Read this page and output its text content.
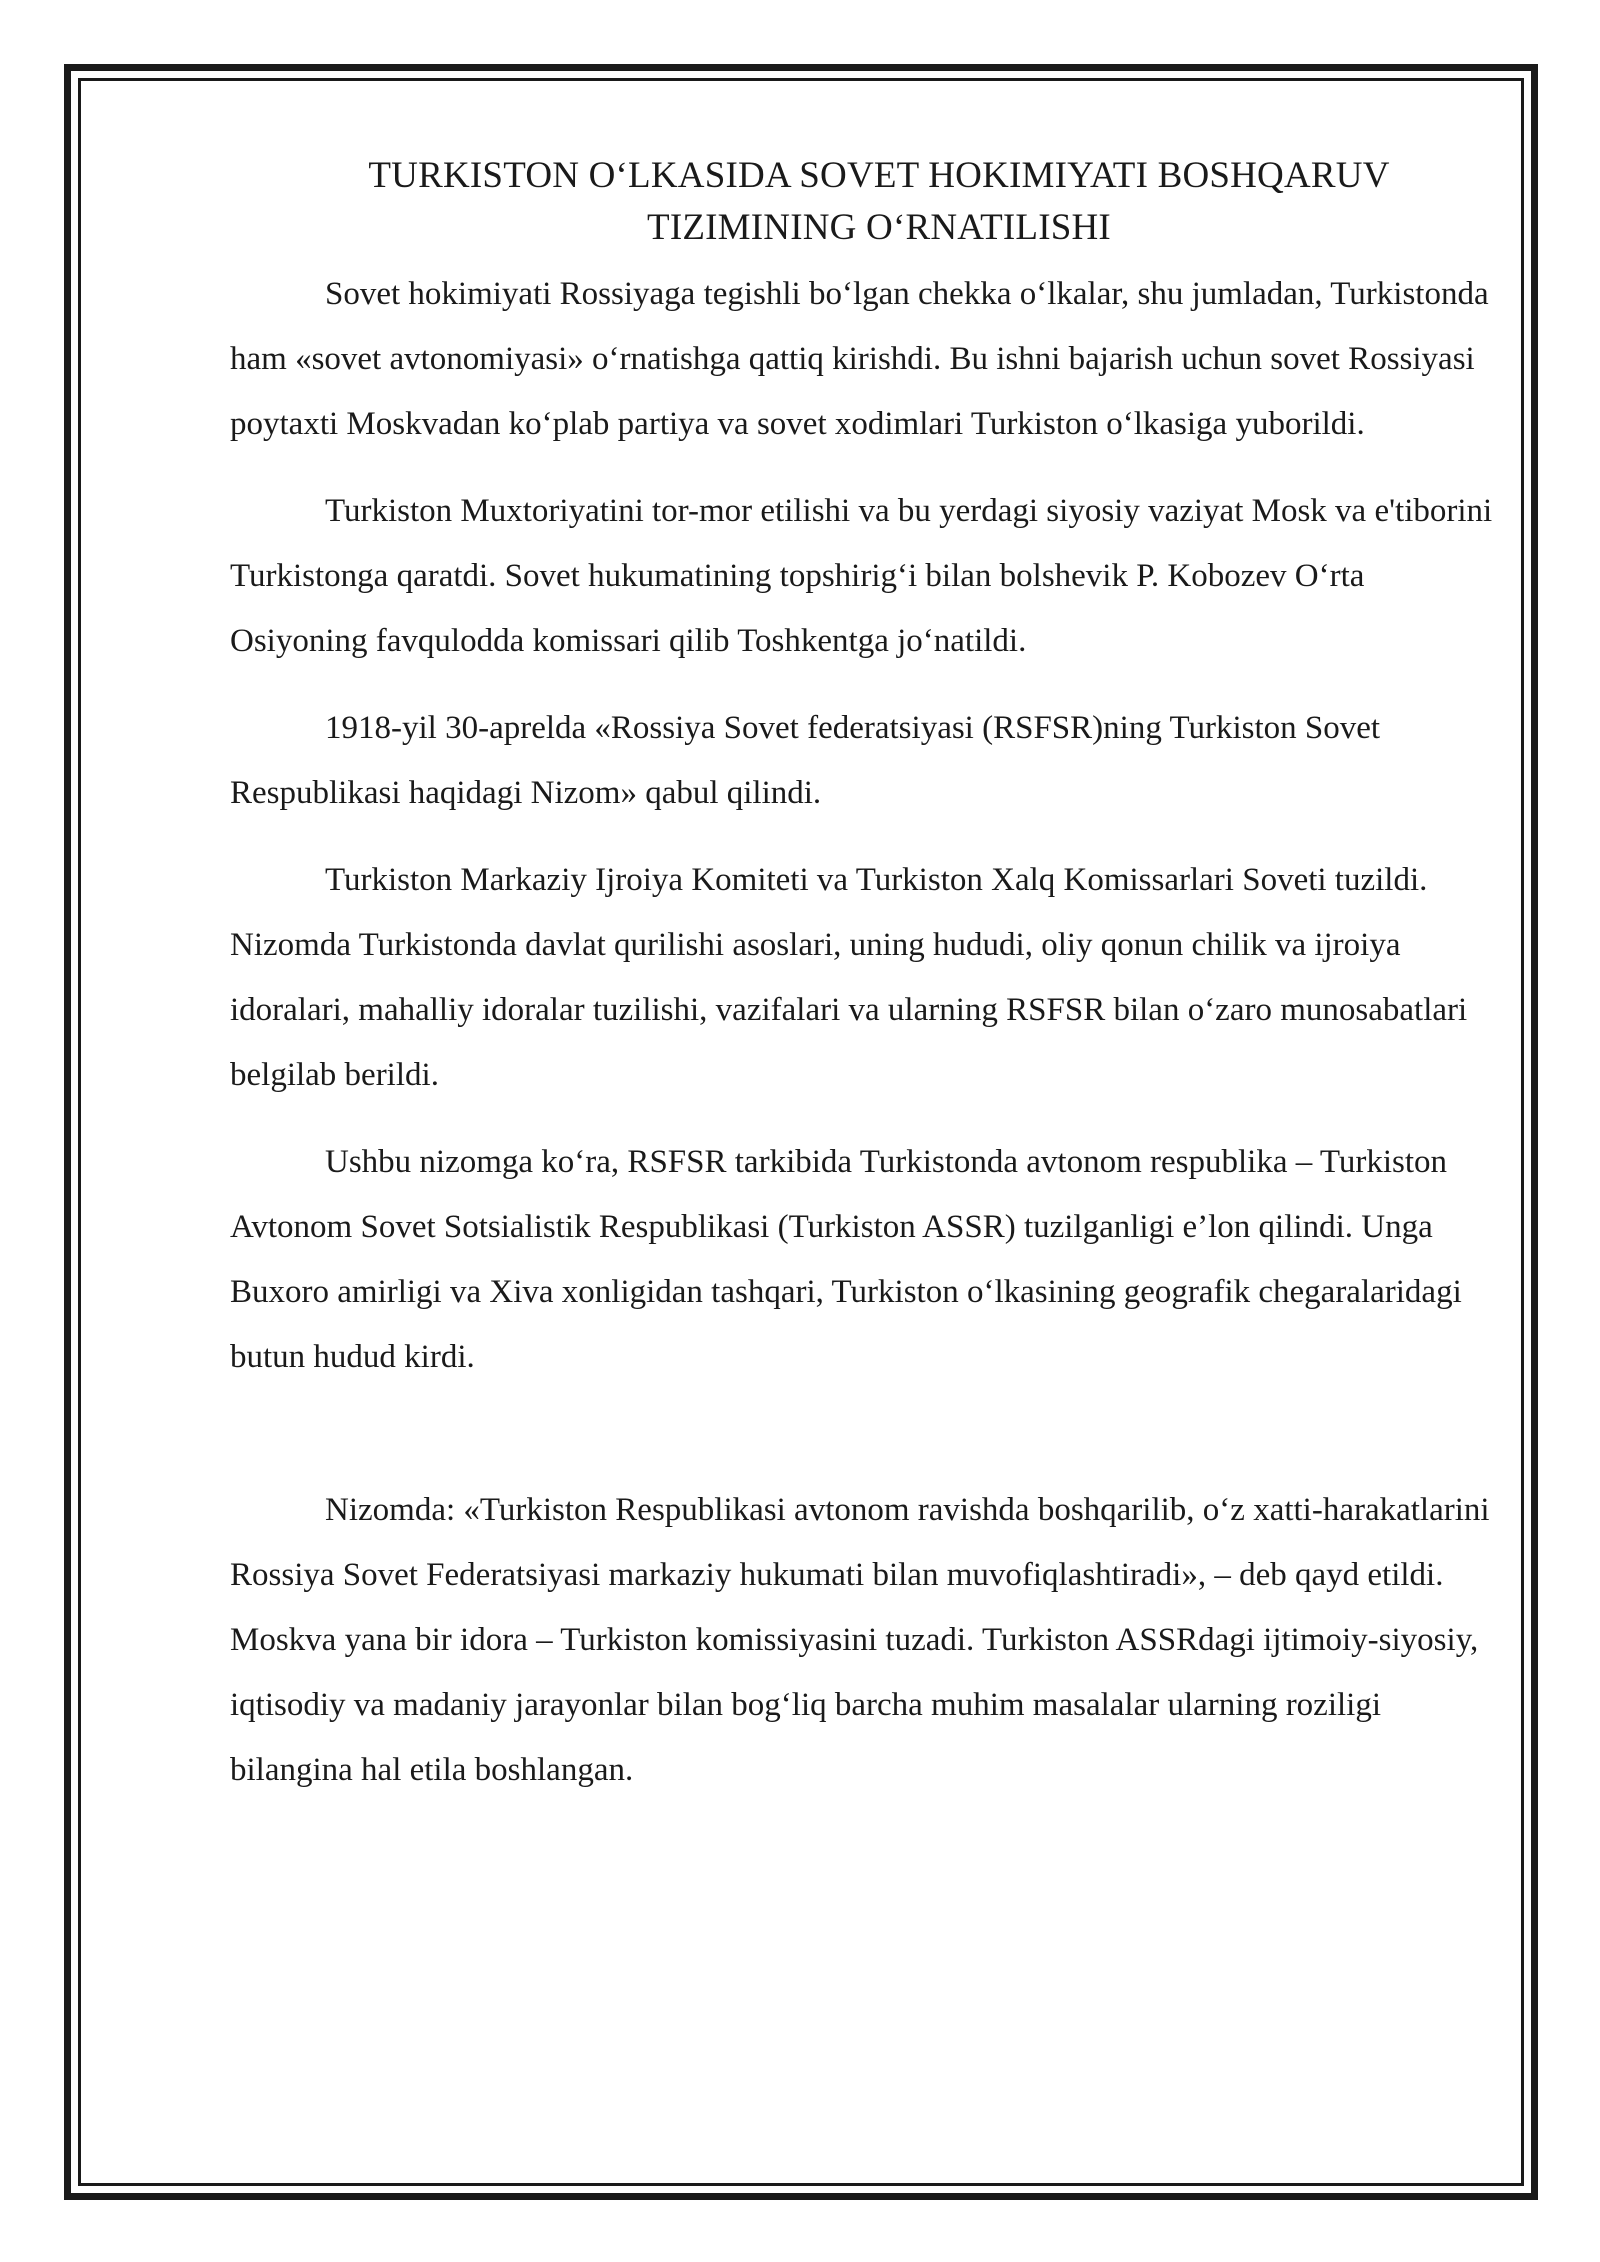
TURKISTON O‘LKASIDA SOVET HOKIMIYATI BOSHQARUV
TIZIMINING O‘RNATILISHI

Sovet hokimiyati Rossiyaga tegishli bo‘lgan chekka o‘lkalar, shu jumladan, Turkistonda ham «sovet avtonomiyasi» o‘rnatishga qattiq kirishdi. Bu ishni bajarish uchun sovet Rossiyasi poytaxti Moskvadan ko‘plab partiya va sovet xodimlari Turkiston o‘lkasiga yuborildi.

Turkiston Muxtoriyatini tor-mor etilishi va bu yerdagi siyosiy vaziyat Mosk va e'tiborini Turkistonga qaratdi. Sovet hukumatining topshirig‘i bilan bolshevik P. Kobozev O‘rta Osiyoning favqulodda komissari qilib Toshkentga jo‘natildi.

1918-yil 30-aprelda «Rossiya Sovet federatsiyasi (RSFSR)ning Turkiston Sovet Respublikasi haqidagi Nizom» qabul qilindi.

Turkiston Markaziy Ijroiya Komiteti va Turkiston Xalq Komissarlari Soveti tuzildi. Nizomda Turkistonda davlat qurilishi asoslari, uning hududi, oliy qonun chilik va ijroiya idoralari, mahalliy idoralar tuzilishi, vazifalari va ularning RSFSR bilan o‘zaro munosabatlari belgilab berildi.

Ushbu nizomga ko‘ra, RSFSR tarkibida Turkistonda avtonom respublika – Turkiston Avtonom Sovet Sotsialistik Respublikasi (Turkiston ASSR) tuzilganligi e’lon qilindi. Unga Buxoro amirligi va Xiva xonligidan tashqari, Turkiston o‘lkasining geografik chegaralaridagi butun hudud kirdi.

Nizomda: «Turkiston Respublikasi avtonom ravishda boshqarilib, o‘z xatti-harakatlarini Rossiya Sovet Federatsiyasi markaziy hukumati bilan muvofiqlashtiradi», – deb qayd etildi. Moskva yana bir idora – Turkiston komissiyasini tuzadi. Turkiston ASSRdagi ijtimoiy-siyosiy, iqtisodiy va madaniy jarayonlar bilan bog‘liq barcha muhim masalalar ularning roziligi bilangina hal etila boshlangan.
